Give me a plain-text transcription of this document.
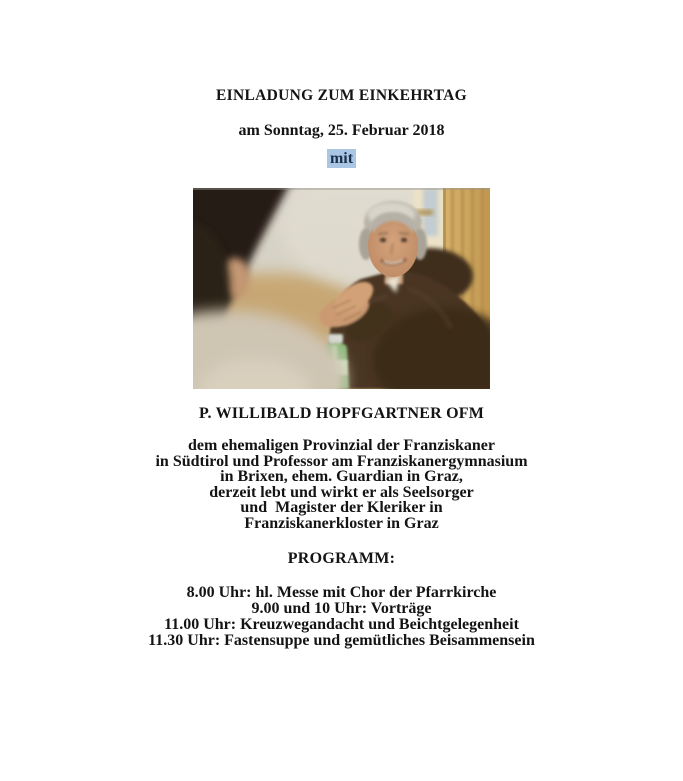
EINLADUNG ZUM EINKEHRTAG
am Sonntag, 25. Februar 2018
mit
P. WILLIBALD HOPFGARTNER OFM
dem ehemaligen Provinzial der Franziskaner
in Südtirol und Professor am Franziskanergymnasium
in Brixen, ehem. Guardian in Graz,
derzeit lebt und wirkt er als Seelsorger
und  Magister der Kleriker in
Franziskanerkloster in Graz
PROGRAMM:
8.00 Uhr: hl. Messe mit Chor der Pfarrkirche
9.00 und 10 Uhr: Vorträge
11.00 Uhr: Kreuzwegandacht und Beichtgelegenheit
11.30 Uhr: Fastensuppe und gemütliches Beisammensein
